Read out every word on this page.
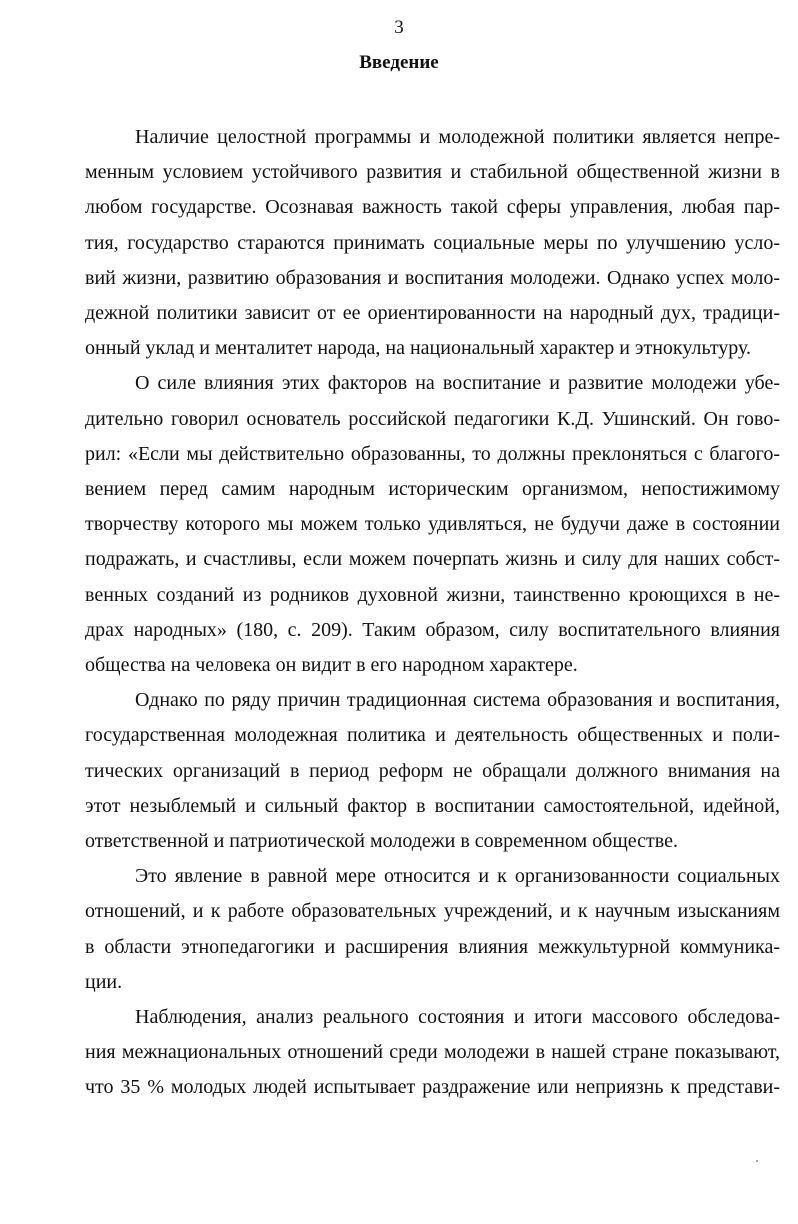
3
Введение
Наличие целостной программы и молодежной политики является непре-
менным условием устойчивого развития и стабильной общественной жизни в
любом государстве. Осознавая важность такой сферы управления, любая пар-
тия, государство стараются принимать социальные меры по улучшению усло-
вий жизни, развитию образования и воспитания молодежи. Однако успех моло-
дежной политики зависит от ее ориентированности на народный дух, традици-
онный уклад и менталитет народа, на национальный характер и этнокультуру.
О силе влияния этих факторов на воспитание и развитие молодежи убе-
дительно говорил основатель российской педагогики К.Д. Ушинский. Он гово-
рил: «Если мы действительно образованны, то должны преклоняться с благого-
вением перед самим народным историческим организмом, непостижимому
творчеству которого мы можем только удивляться, не будучи даже в состоянии
подражать, и счастливы, если можем почерпать жизнь и силу для наших собст-
венных созданий из родников духовной жизни, таинственно кроющихся в не-
драх народных» (180, с. 209). Таким образом, силу воспитательного влияния
общества на человека он видит в его народном характере.
Однако по ряду причин традиционная система образования и воспитания,
государственная молодежная политика и деятельность общественных и поли-
тических организаций в период реформ не обращали должного внимания на
этот незыблемый и сильный фактор в воспитании самостоятельной, идейной,
ответственной и патриотической молодежи в современном обществе.
Это явление в равной мере относится и к организованности социальных
отношений, и к работе образовательных учреждений, и к научным изысканиям
в области этнопедагогики и расширения влияния межкультурной коммуника-
ции.
Наблюдения, анализ реального состояния и итоги массового обследова-
ния межнациональных отношений среди молодежи в нашей стране показывают,
что 35 % молодых людей испытывает раздражение или неприязнь к представи-
